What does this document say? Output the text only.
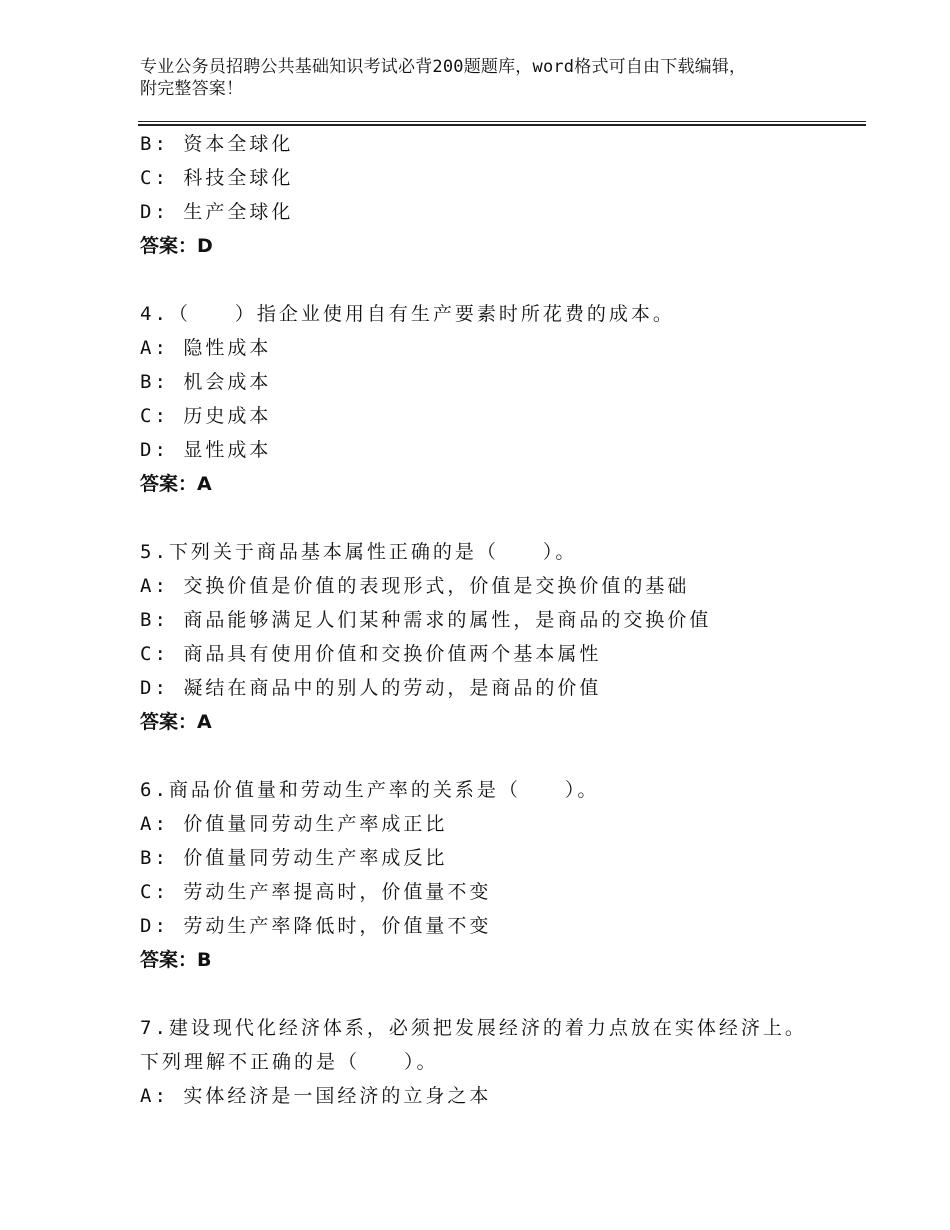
专业公务员招聘公共基础知识考试必背200题题库，word格式可自由下载编辑，
附完整答案！
B: 资本全球化
C: 科技全球化
D: 生产全球化
答案：D
4.（　　）指企业使用自有生产要素时所花费的成本。
A: 隐性成本
B: 机会成本
C: 历史成本
D: 显性成本
答案：A
5.下列关于商品基本属性正确的是（　　）。
A: 交换价值是价值的表现形式，价值是交换价值的基础
B: 商品能够满足人们某种需求的属性，是商品的交换价值
C: 商品具有使用价值和交换价值两个基本属性
D: 凝结在商品中的别人的劳动，是商品的价值
答案：A
6.商品价值量和劳动生产率的关系是（　　）。
A: 价值量同劳动生产率成正比
B: 价值量同劳动生产率成反比
C: 劳动生产率提高时，价值量不变
D: 劳动生产率降低时，价值量不变
答案：B
7.建设现代化经济体系，必须把发展经济的着力点放在实体经济上。
下列理解不正确的是（　　）。
A: 实体经济是一国经济的立身之本
